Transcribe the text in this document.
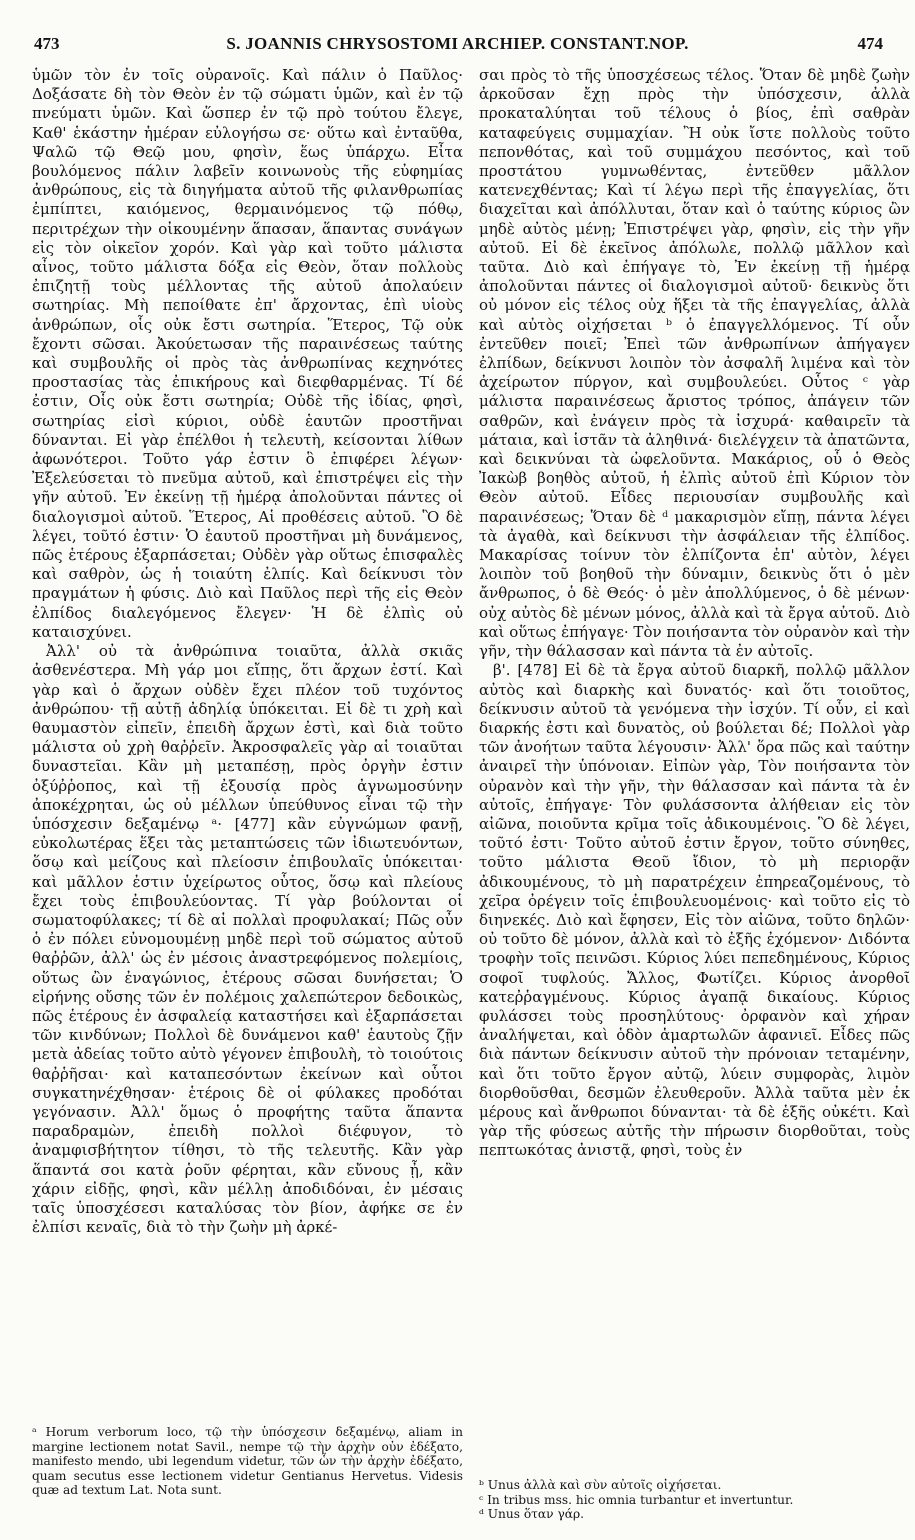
473	S. JOANNIS CHRYSOSTOMI ARCHIEP. CONSTANT.NOP.	474

ὑμῶν τὸν ἐν τοῖς οὐρανοῖς. Καὶ πάλιν ὁ Παῦλος· Δοξάσατε δὴ τὸν Θεὸν ἐν τῷ σώματι ὑμῶν, καὶ ἐν τῷ πνεύματι ὑμῶν. Καὶ ὥσπερ ἐν τῷ πρὸ τούτου ἔλεγε, Καθ' ἑκάστην ἡμέραν εὐλογήσω σε· οὕτω καὶ ἐνταῦθα, Ψαλῶ τῷ Θεῷ μου, φησὶν, ἕως ὑπάρχω. Εἶτα βουλόμενος πάλιν λαβεῖν κοινωνοὺς τῆς εὐφημίας ἀνθρώπους, εἰς τὰ διηγήματα αὐτοῦ τῆς φιλανθρωπίας ἐμπίπτει, καιόμενος, θερμαινόμενος τῷ πόθῳ, περιτρέχων τὴν οἰκουμένην ἅπασαν, ἅπαντας συνάγων εἰς τὸν οἰκεῖον χορόν. Καὶ γὰρ καὶ τοῦτο μάλιστα αἶνος, τοῦτο μάλιστα δόξα εἰς Θεὸν, ὅταν πολλοὺς ἐπιζητῇ τοὺς μέλλοντας τῆς αὐτοῦ ἀπολαύειν σωτηρίας. Μὴ πεποίθατε ἐπ' ἄρχοντας, ἐπὶ υἱοὺς ἀνθρώπων, οἷς οὐκ ἔστι σωτηρία. Ἕτερος, Τῷ οὐκ ἔχοντι σῶσαι. Ἀκούετωσαν τῆς παραινέσεως ταύτης καὶ συμβουλῆς οἱ πρὸς τὰς ἀνθρωπίνας κεχηνότες προστασίας τὰς ἐπικήρους καὶ διεφθαρμένας. Τί δέ ἐστιν, Οἷς οὐκ ἔστι σωτηρία; Οὐδὲ τῆς ἰδίας, φησὶ, σωτηρίας εἰσὶ κύριοι, οὐδὲ ἑαυτῶν προστῆναι δύνανται. Εἰ γὰρ ἐπέλθοι ἡ τελευτὴ, κείσονται λίθων ἀφωνότεροι. Τοῦτο γάρ ἐστιν ὃ ἐπιφέρει λέγων· Ἐξελεύσεται τὸ πνεῦμα αὐτοῦ, καὶ ἐπιστρέψει εἰς τὴν γῆν αὐτοῦ. Ἐν ἐκείνῃ τῇ ἡμέρᾳ ἀπολοῦνται πάντες οἱ διαλογισμοὶ αὐτοῦ. Ἕτερος, Αἱ προθέσεις αὐτοῦ. Ὃ δὲ λέγει, τοῦτό ἐστιν· Ὁ ἑαυτοῦ προστῆναι μὴ δυνάμενος, πῶς ἑτέρους ἐξαρπάσεται; Οὐδὲν γὰρ οὕτως ἐπισφαλὲς καὶ σαθρὸν, ὡς ἡ τοιαύτη ἐλπίς. Καὶ δείκνυσι τὸν πραγμάτων ἡ φύσις. Διὸ καὶ Παῦλος περὶ τῆς εἰς Θεὸν ἐλπίδος διαλεγόμενος ἔλεγεν· Ἡ δὲ ἐλπὶς οὐ καταισχύνει.

Ἀλλ' οὐ τὰ ἀνθρώπινα τοιαῦτα, ἀλλὰ σκιᾶς ἀσθενέστερα. Μὴ γάρ μοι εἴπῃς, ὅτι ἄρχων ἐστί. Καὶ γὰρ καὶ ὁ ἄρχων οὐδὲν ἔχει πλέον τοῦ τυχόντος ἀνθρώπου· τῇ αὐτῇ ἀδηλίᾳ ὑπόκειται. Εἰ δὲ τι χρὴ καὶ θαυμαστὸν εἰπεῖν, ἐπειδὴ ἄρχων ἐστὶ, καὶ διὰ τοῦτο μάλιστα οὐ χρὴ θαῤῥεῖν. Ἀκροσφαλεῖς γὰρ αἱ τοιαῦται δυναστεῖαι. Κἂν μὴ μεταπέσῃ, πρὸς ὀργὴν ἐστιν ὀξύῤῥοπος, καὶ τῇ ἐξουσίᾳ πρὸς ἀγνωμοσύνην ἀποκέχρηται, ὡς οὐ μέλλων ὑπεύθυνος εἶναι τῷ τὴν ὑπόσχεσιν δεξαμένῳ ᵃ· [477] κἂν εὐγνώμων φανῇ, εὐκολωτέρας ἕξει τὰς μεταπτώσεις τῶν ἰδιωτευόντων, ὅσῳ καὶ μείζους καὶ πλείοσιν ἐπιβουλαῖς ὑπόκειται· καὶ μᾶλλον ἐστιν ὑχείρωτος οὗτος, ὅσῳ καὶ πλείους ἔχει τοὺς ἐπιβουλεύοντας. Τί γὰρ βούλονται οἱ σωματοφύλακες; τί δὲ αἱ πολλαὶ προφυλακαί; Πῶς οὖν ὁ ἐν πόλει εὐνομουμένῃ μηδὲ περὶ τοῦ σώματος αὐτοῦ θαῤῥῶν, ἀλλ' ὡς ἐν μέσοις ἀναστρεφόμενος πολεμίοις, οὕτως ὢν ἐναγώνιος, ἑτέρους σῶσαι δυνήσεται; Ὁ εἰρήνης οὔσης τῶν ἐν πολέμοις χαλεπώτερον δεδοικὼς, πῶς ἑτέρους ἐν ἀσφαλείᾳ καταστήσει καὶ ἐξαρπάσεται τῶν κινδύνων; Πολλοὶ δὲ δυνάμενοι καθ' ἑαυτοὺς ζῇν μετὰ ἀδείας τοῦτο αὐτὸ γέγονεν ἐπιβουλὴ, τὸ τοιούτοις θαῤῥῆσαι· καὶ καταπεσόντων ἐκείνων καὶ οὗτοι συγκατηνέχθησαν· ἑτέροις δὲ οἱ φύλακες προδόται γεγόνασιν. Ἀλλ' ὅμως ὁ προφήτης ταῦτα ἅπαντα παραδραμὼν, ἐπειδὴ πολλοὶ διέφυγον, τὸ ἀναμφισβήτητον τίθησι, τὸ τῆς τελευτῆς. Κἂν γὰρ ἅπαντά σοι κατὰ ῥοῦν φέρηται, κἂν εὔνους ᾖ, κἂν χάριν εἰδῇς, φησὶ, κἂν μέλλῃ ἀποδιδόναι, ἐν μέσαις ταῖς ὑποσχέσεσι καταλύσας τὸν βίον, ἀφήκε σε ἐν ἐλπίσι κεναῖς, διὰ τὸ τὴν ζωὴν μὴ ἀρκέ-

σαι πρὸς τὸ τῆς ὑποσχέσεως τέλος. Ὅταν δὲ μηδὲ ζωὴν ἀρκοῦσαν ἔχῃ πρὸς τὴν ὑπόσχεσιν, ἀλλὰ προκαταλύηται τοῦ τέλους ὁ βίος, ἐπὶ σαθρὰν καταφεύγεις συμμαχίαν. Ἢ οὐκ ἴστε πολλοὺς τοῦτο πεπονθότας, καὶ τοῦ συμμάχου πεσόντος, καὶ τοῦ προστάτου γυμνωθέντας, ἐντεῦθεν μᾶλλον κατενεχθέντας; Καὶ τί λέγω περὶ τῆς ἐπαγγελίας, ὅτι διαχεῖται καὶ ἀπόλλυται, ὅταν καὶ ὁ ταύτης κύριος ὢν μηδὲ αὐτὸς μένῃ; Ἐπιστρέψει γὰρ, φησὶν, εἰς τὴν γῆν αὐτοῦ. Εἰ δὲ ἐκεῖνος ἀπόλωλε, πολλῷ μᾶλλον καὶ ταῦτα. Διὸ καὶ ἐπήγαγε τὸ, Ἐν ἐκείνῃ τῇ ἡμέρᾳ ἀπολοῦνται πάντες οἱ διαλογισμοὶ αὐτοῦ· δεικνὺς ὅτι οὐ μόνον εἰς τέλος οὐχ ἥξει τὰ τῆς ἐπαγγελίας, ἀλλὰ καὶ αὐτὸς οἰχήσεται ᵇ ὁ ἐπαγγελλόμενος. Τί οὖν ἐντεῦθεν ποιεῖ; Ἐπεὶ τῶν ἀνθρωπίνων ἀπήγαγεν ἐλπίδων, δείκνυσι λοιπὸν τὸν ἀσφαλῆ λιμένα καὶ τὸν ἀχείρωτον πύργον, καὶ συμβουλεύει. Οὗτος ᶜ γὰρ μάλιστα παραινέσεως ἄριστος τρόπος, ἀπάγειν τῶν σαθρῶν, καὶ ἐνάγειν πρὸς τὰ ἰσχυρά· καθαιρεῖν τὰ μάταια, καὶ ἱστᾶν τὰ ἀληθινά· διελέγχειν τὰ ἀπατῶντα, καὶ δεικνύναι τὰ ὠφελοῦντα. Μακάριος, οὗ ὁ Θεὸς Ἰακὼβ βοηθὸς αὐτοῦ, ἡ ἐλπὶς αὐτοῦ ἐπὶ Κύριον τὸν Θεὸν αὐτοῦ. Εἶδες περιουσίαν συμβουλῆς καὶ παραινέσεως; Ὅταν δὲ ᵈ μακαρισμὸν εἴπῃ, πάντα λέγει τὰ ἀγαθὰ, καὶ δείκνυσι τὴν ἀσφάλειαν τῆς ἐλπίδος. Μακαρίσας τοίνυν τὸν ἐλπίζοντα ἐπ' αὐτὸν, λέγει λοιπὸν τοῦ βοηθοῦ τὴν δύναμιν, δεικνὺς ὅτι ὁ μὲν ἄνθρωπος, ὁ δὲ Θεός· ὁ μὲν ἀπολλύμενος, ὁ δὲ μένων· οὐχ αὐτὸς δὲ μένων μόνος, ἀλλὰ καὶ τὰ ἔργα αὐτοῦ. Διὸ καὶ οὕτως ἐπήγαγε· Τὸν ποιήσαντα τὸν οὐρανὸν καὶ τὴν γῆν, τὴν θάλασσαν καὶ πάντα τὰ ἐν αὐτοῖς.

β'. [478] Εἰ δὲ τὰ ἔργα αὐτοῦ διαρκῆ, πολλῷ μᾶλλον αὐτὸς καὶ διαρκὴς καὶ δυνατός· καὶ ὅτι τοιοῦτος, δείκνυσιν αὐτοῦ τὰ γενόμενα τὴν ἰσχύν. Τί οὖν, εἰ καὶ διαρκής ἐστι καὶ δυνατὸς, οὐ βούλεται δέ; Πολλοὶ γὰρ τῶν ἀνοήτων ταῦτα λέγουσιν· Ἀλλ' ὅρα πῶς καὶ ταύτην ἀναιρεῖ τὴν ὑπόνοιαν. Εἰπὼν γὰρ, Τὸν ποιήσαντα τὸν οὐρανὸν καὶ τὴν γῆν, τὴν θάλασσαν καὶ πάντα τὰ ἐν αὐτοῖς, ἐπήγαγε· Τὸν φυλάσσοντα ἀλήθειαν εἰς τὸν αἰῶνα, ποιοῦντα κρῖμα τοῖς ἀδικουμένοις. Ὃ δὲ λέγει, τοῦτό ἐστι· Τοῦτο αὐτοῦ ἐστιν ἔργον, τοῦτο σύνηθες, τοῦτο μάλιστα Θεοῦ ἴδιον, τὸ μὴ περιορᾷν ἀδικουμένους, τὸ μὴ παρατρέχειν ἐπηρεαζομένους, τὸ χεῖρα ὀρέγειν τοῖς ἐπιβουλευομένοις· καὶ τοῦτο εἰς τὸ διηνεκές. Διὸ καὶ ἔφησεν, Εἰς τὸν αἰῶνα, τοῦτο δηλῶν· οὐ τοῦτο δὲ μόνον, ἀλλὰ καὶ τὸ ἑξῆς ἐχόμενον· Διδόντα τροφὴν τοῖς πεινῶσι. Κύριος λύει πεπεδημένους, Κύριος σοφοῖ τυφλούς. Ἄλλος, Φωτίζει. Κύριος ἀνορθοῖ κατεῤῥαγμένους. Κύριος ἀγαπᾷ δικαίους. Κύριος φυλάσσει τοὺς προσηλύτους· ὀρφανὸν καὶ χήραν ἀναλήψεται, καὶ ὁδὸν ἁμαρτωλῶν ἀφανιεῖ. Εἶδες πῶς διὰ πάντων δείκνυσιν αὐτοῦ τὴν πρόνοιαν τεταμένην, καὶ ὅτι τοῦτο ἔργον αὐτῷ, λύειν συμφορὰς, λιμὸν διορθοῦσθαι, δεσμῶν ἐλευθεροῦν. Ἀλλὰ ταῦτα μὲν ἐκ μέρους καὶ ἄνθρωποι δύνανται· τὰ δὲ ἑξῆς οὐκέτι. Καὶ γὰρ τῆς φύσεως αὐτῆς τὴν πήρωσιν διορθοῦται, τοὺς πεπτωκότας ἀνιστᾷ, φησὶ, τοὺς ἐν

ᵃ Horum verborum loco, τῷ τὴν ὑπόσχεσιν δεξαμένῳ, aliam in margine lectionem notat Savil., nempe τῷ τὴν ἀρχὴν οὐν ἐδέξατο, manifesto mendo, ubi legendum videtur, τῶν ὧν τὴν ἀρχὴν ἐδέξατο, quam secutus esse lectionem videtur Gentianus Hervetus. Videsis quæ ad textum Lat. Nota sunt.	ᵇ Unus ἀλλὰ καὶ σὺν αὐτοῖς οἰχήσεται.
ᶜ In tribus mss. hic omnia turbantur et invertuntur.
ᵈ Unus ὅταν γάρ.
